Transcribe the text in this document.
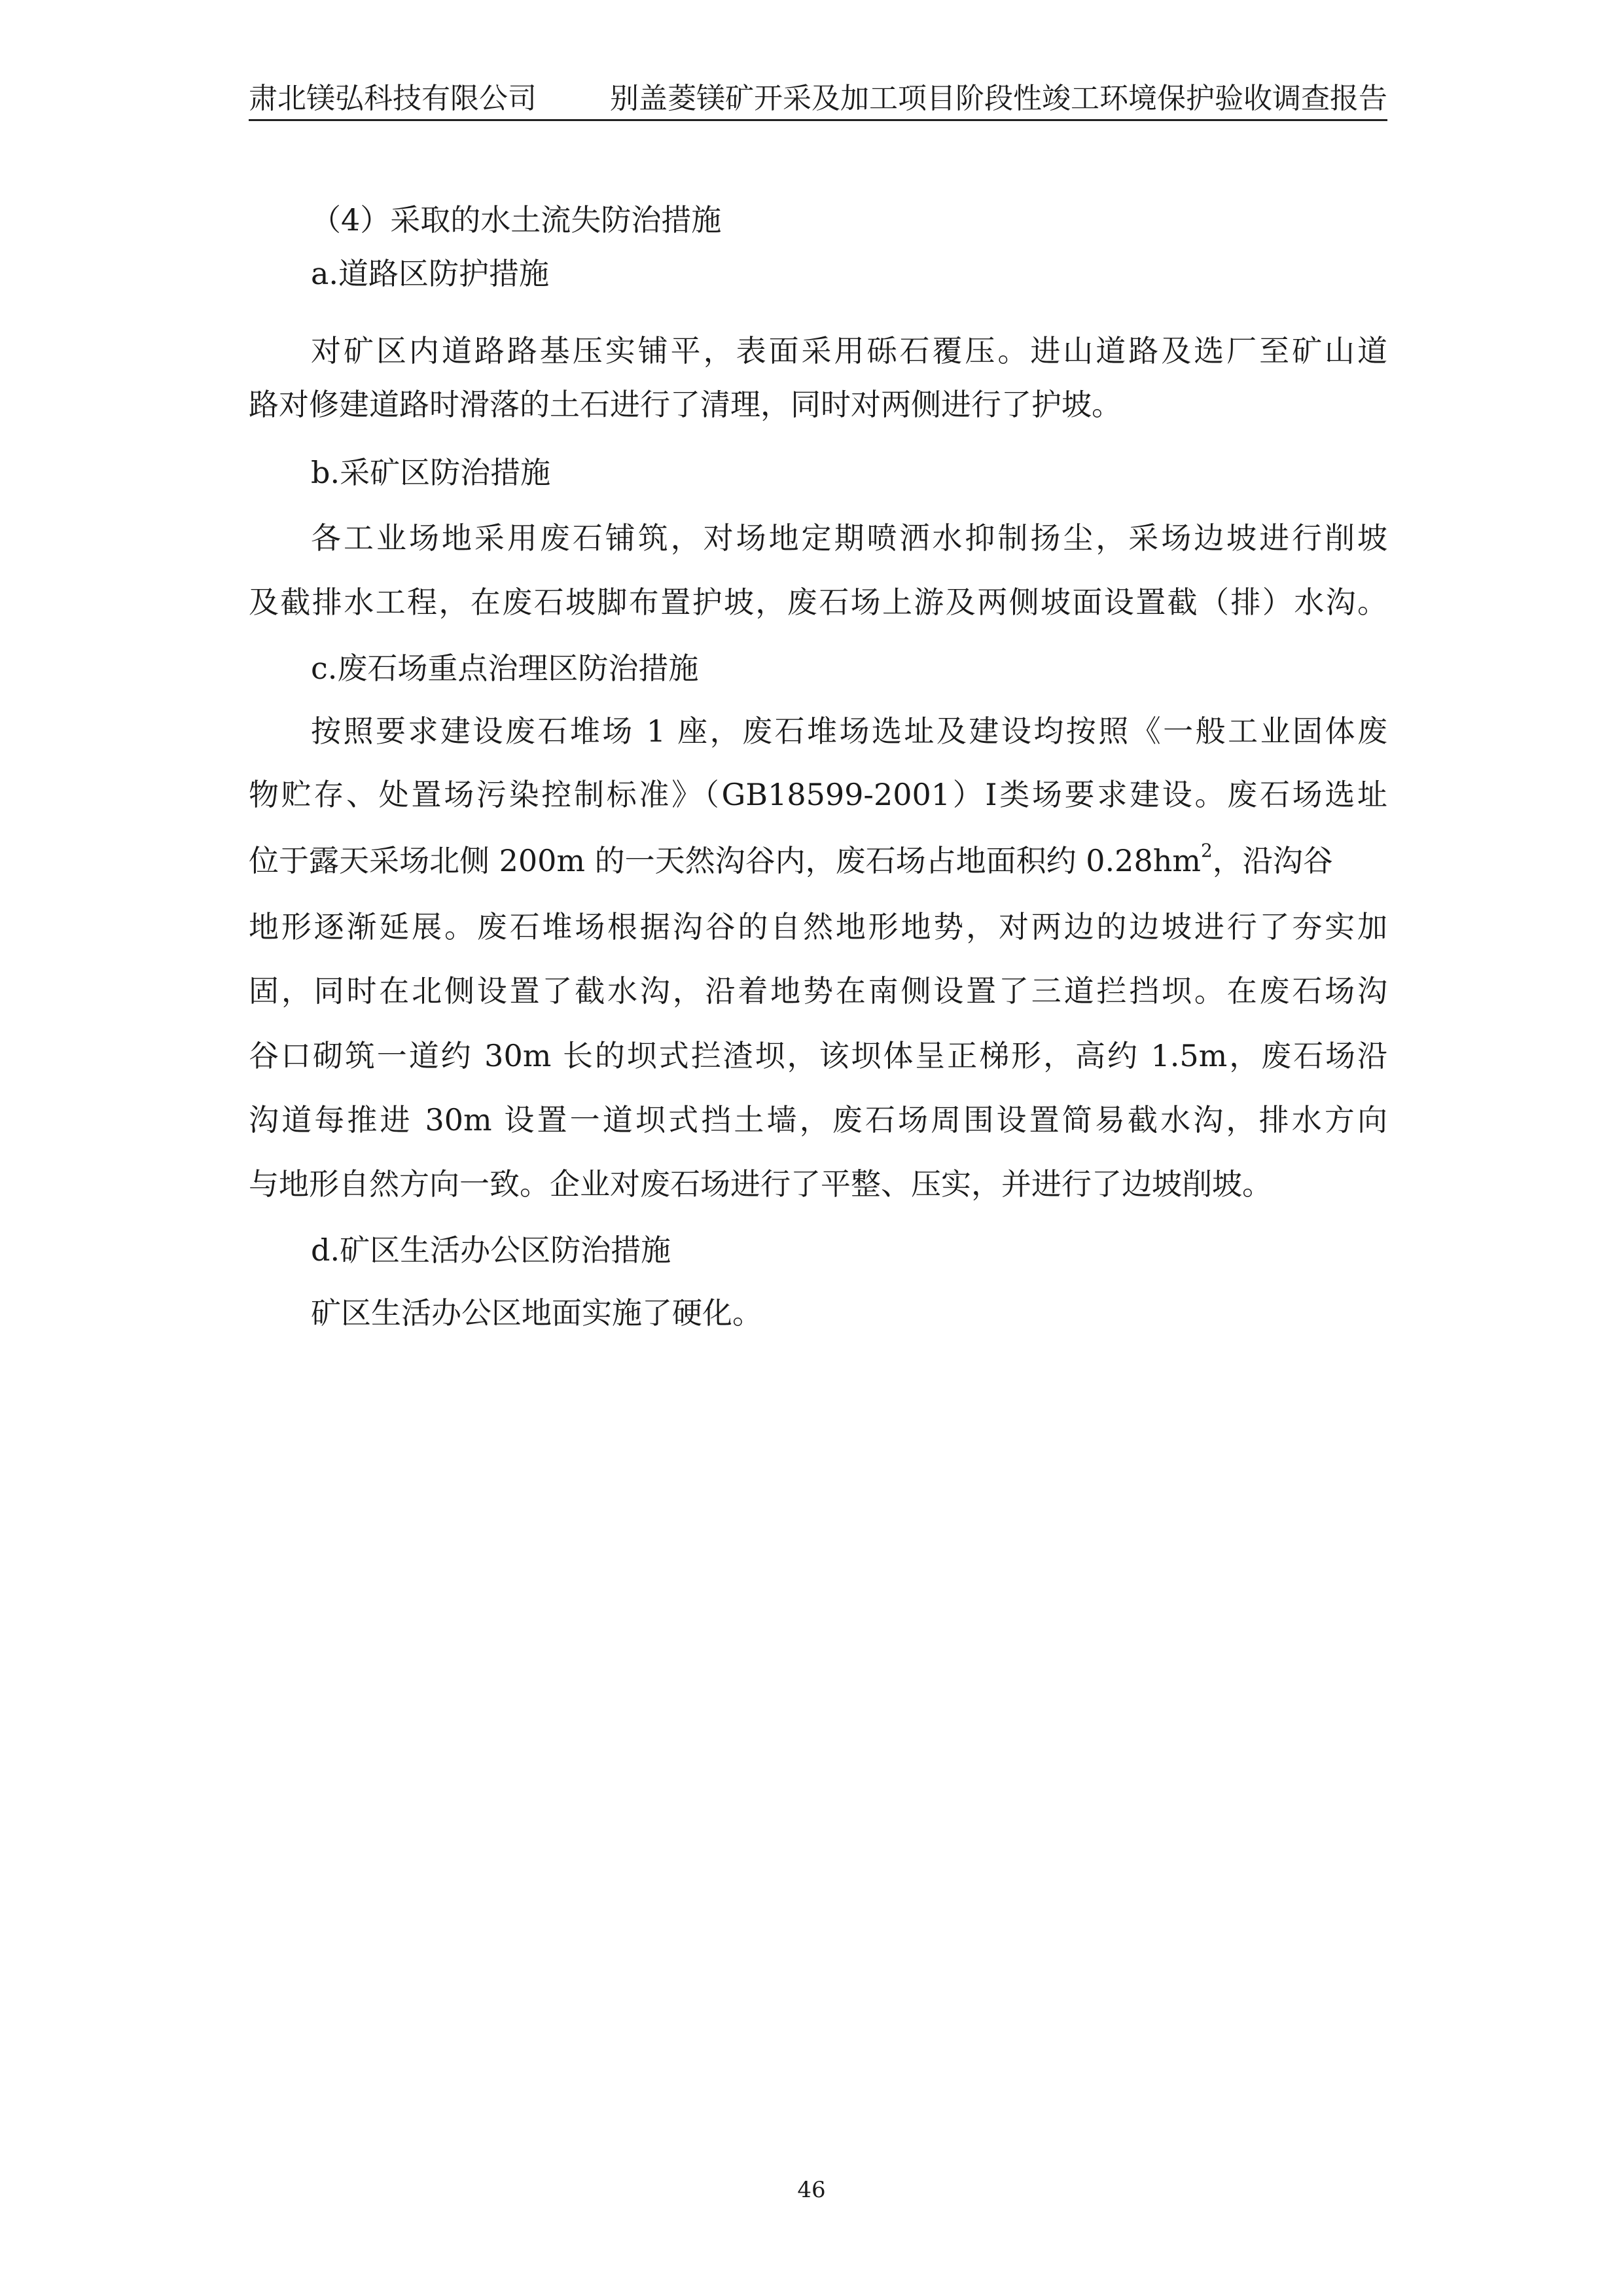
肃北镁弘科技有限公司	别盖菱镁矿开采及加工项目阶段性竣工环境保护验收调查报告
（4）采取的水土流失防治措施
a.道路区防护措施
对矿区内道路路基压实铺平，表面采用砾石覆压。进山道路及选厂至矿山道
路对修建道路时滑落的土石进行了清理，同时对两侧进行了护坡。
b.采矿区防治措施
各工业场地采用废石铺筑，对场地定期喷洒水抑制扬尘，采场边坡进行削坡
及截排水工程，在废石坡脚布置护坡，废石场上游及两侧坡面设置截（排）水沟。
c.废石场重点治理区防治措施
按照要求建设废石堆场 1 座，废石堆场选址及建设均按照《一般工业固体废
物贮存、处置场污染控制标准》（GB18599-2001）Ⅰ类场要求建设。废石场选址
位于露天采场北侧 200m 的一天然沟谷内，废石场占地面积约 $0.28hm^2$，沿沟谷
地形逐渐延展。废石堆场根据沟谷的自然地形地势，对两边的边坡进行了夯实加
固，同时在北侧设置了截水沟，沿着地势在南侧设置了三道拦挡坝。在废石场沟
谷口砌筑一道约 30m 长的坝式拦渣坝，该坝体呈正梯形，高约 1.5m，废石场沿
沟道每推进 30m 设置一道坝式挡土墙，废石场周围设置简易截水沟，排水方向
与地形自然方向一致。企业对废石场进行了平整、压实，并进行了边坡削坡。
d.矿区生活办公区防治措施
矿区生活办公区地面实施了硬化。
46
